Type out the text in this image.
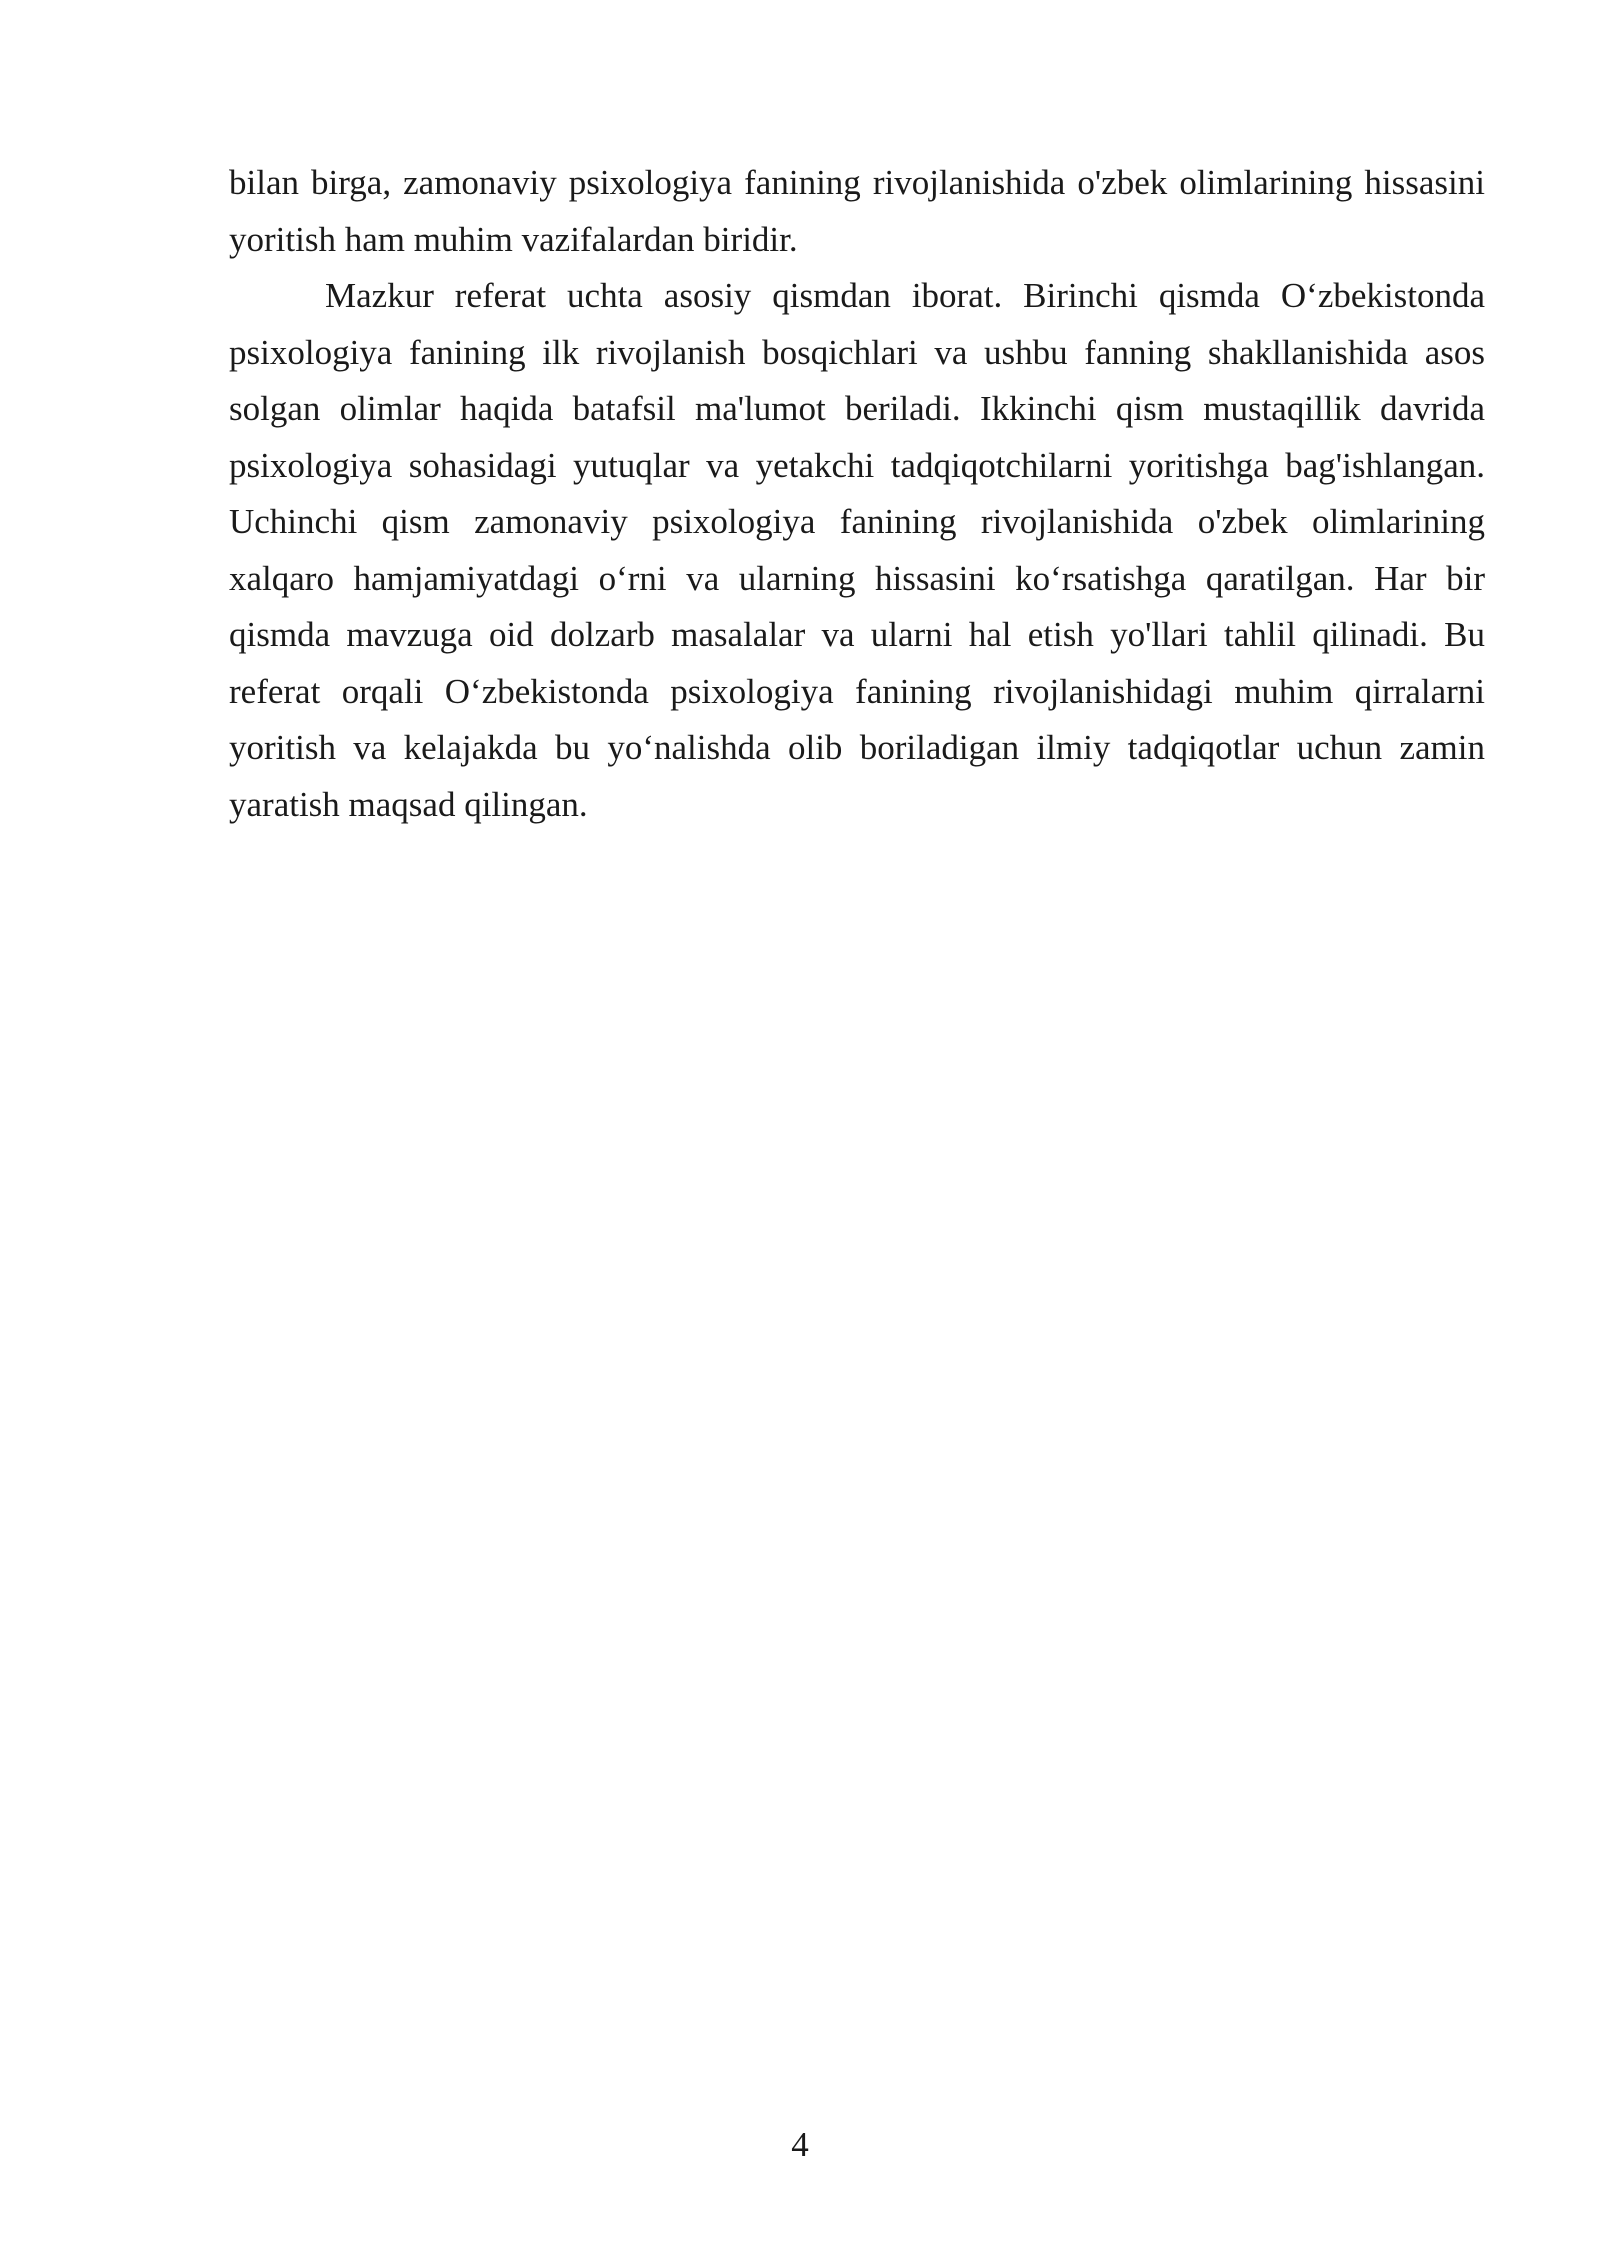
bilan birga, zamonaviy psixologiya fanining rivojlanishida o'zbek olimlarining hissasini yoritish ham muhim vazifalardan biridir.

Mazkur referat uchta asosiy qismdan iborat. Birinchi qismda O‘zbekistonda psixologiya fanining ilk rivojlanish bosqichlari va ushbu fanning shakllanishida asos solgan olimlar haqida batafsil ma'lumot beriladi. Ikkinchi qism mustaqillik davrida psixologiya sohasidagi yutuqlar va yetakchi tadqiqotchilarni yoritishga bag'ishlangan. Uchinchi qism zamonaviy psixologiya fanining rivojlanishida o'zbek olimlarining xalqaro hamjamiyatdagi o‘rni va ularning hissasini ko‘rsatishga qaratilgan. Har bir qismda mavzuga oid dolzarb masalalar va ularni hal etish yo'llari tahlil qilinadi. Bu referat orqali O‘zbekistonda psixologiya fanining rivojlanishidagi muhim qirralarni yoritish va kelajakda bu yo‘nalishda olib boriladigan ilmiy tadqiqotlar uchun zamin yaratish maqsad qilingan.

4
